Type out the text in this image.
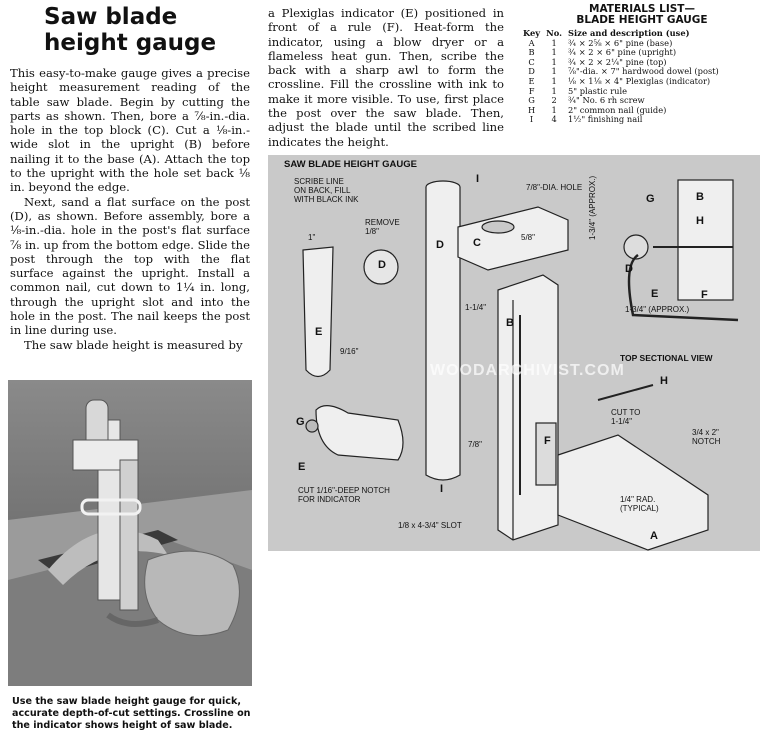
Saw blade
height gauge

This easy-to-make gauge gives a precise height measurement reading of the table saw blade. Begin by cutting the parts as shown. Then, bore a ⅞-in.-dia. hole in the top block (C). Cut a ⅛-in.-wide slot in the upright (B) before nailing it to the base (A). Attach the top to the upright with the hole set back ⅛ in. beyond the edge.

Next, sand a flat surface on the post (D), as shown. Before assembly, bore a ⅛-in.-dia. hole in the post's flat surface ⅞ in. up from the bottom edge. Slide the post through the top with the flat surface against the upright. Install a common nail, cut down to 1¼ in. long, through the upright slot and into the hole in the post. The nail keeps the post in line during use.

The saw blade height is measured by

a Plexiglas indicator (E) positioned in front of a rule (F). Heat-form the indicator, using a blow dryer or a flameless heat gun. Then, scribe the back with a sharp awl to form the crossline. Fill the crossline with ink to make it more visible. To use, first place the post over the saw blade. Then, adjust the blade until the scribed line indicates the height.

Use the saw blade height gauge for quick, accurate depth-of-cut settings. Crossline on the indicator shows height of saw blade.

MATERIALS LIST—
BLADE HEIGHT GAUGE
Key	No.	Size and description (use)
A	1	¾ × 2⅝ × 6" pine (base)
B	1	¾ × 2 × 6" pine (upright)
C	1	¾ × 2 × 2¼" pine (top)
D	1	⅞"-dia. × 7" hardwood dowel (post)
E	1	⅛ × 1⅛ × 4" Plexiglas (indicator)
F	1	5" plastic rule
G	2	¾" No. 6 rh screw
H	1	2" common nail (guide)
I	4	1½" finishing nail
SAW BLADE HEIGHT GAUGE
SCRIBE LINE
ON BACK, FILL
WITH BLACK INK
1"
REMOVE
1/8"
7/8"-DIA. HOLE
5/8"
1-1/4"
9/16"
7/8"
CUT 1/16"-DEEP NOTCH
FOR INDICATOR
1/8 x 4-3/4" SLOT
1-3/4" (APPROX.)
1-3/4" (APPROX.)
TOP SECTIONAL VIEW
CUT TO
1-1/4"
3/4 x 2"
NOTCH
1/4" RAD.
(TYPICAL)
E
D
D
C
B
F
A
G
E
I
I
B
G
H
D
E	F
H
WOODARCHIVIST.COM	WOODARCHIVIST.COM
